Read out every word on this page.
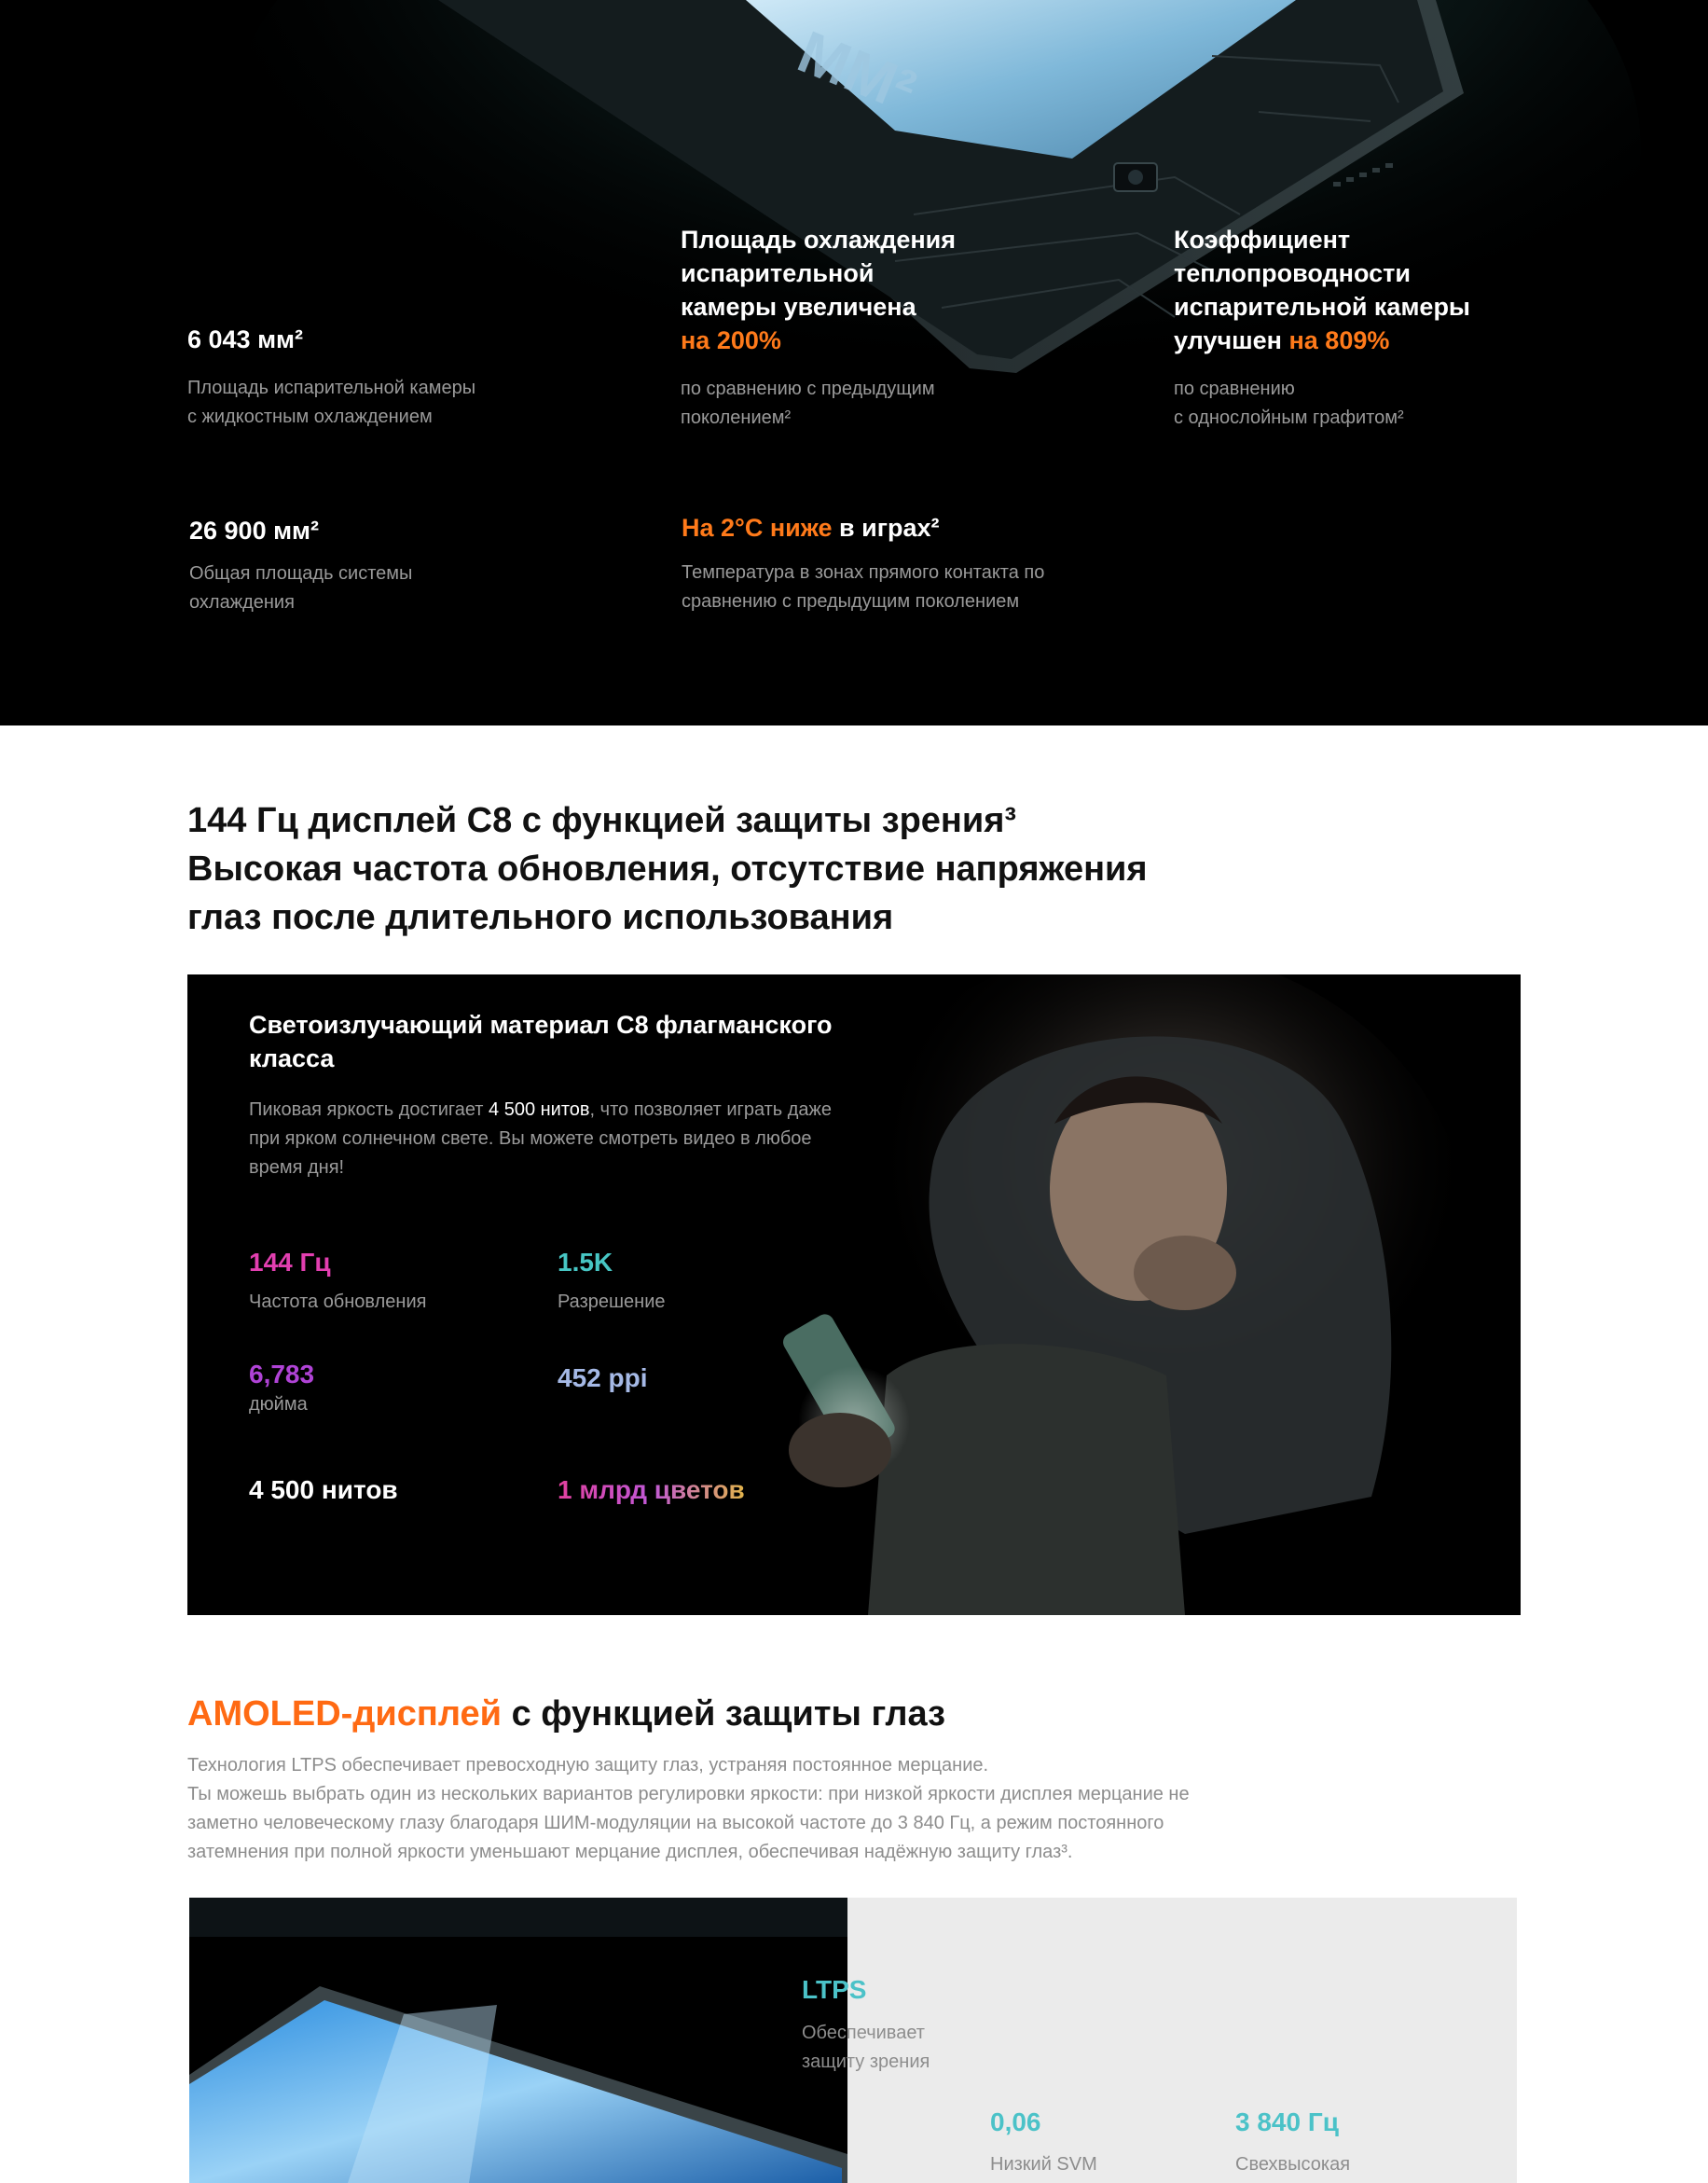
MM²
6 043 мм²
Площадь испарительной камеры
с жидкостным охлаждением
Площадь охлаждения
испарительной
камеры увеличена
на 200%
по сравнению с предыдущим
поколением²
Коэффициент
теплопроводности
испарительной камеры
улучшен на 809%
по сравнению
с однослойным графитом²
26 900 мм²
Общая площадь системы
охлаждения
На 2°C ниже в играх²
Температура в зонах прямого контакта по
сравнению с предыдущим поколением
144 Гц дисплей C8 с функцией защиты зрения³
Высокая частота обновления, отсутствие напряжения
глаз после длительного использования
Светоизлучающий материал C8 флагманского класса
Пиковая яркость достигает 4 500 нитов, что позволяет играть даже при ярком солнечном свете. Вы можете смотреть видео в любое время дня!
144 Гц
Частота обновления
1.5K
Разрешение
6,783
дюйма
452 ppi
4 500 нитов	1 млрд цветов
AMOLED-дисплей с функцией защиты глаз

Технология LTPS обеспечивает превосходную защиту глаз, устраняя постоянное мерцание.

Ты можешь выбрать один из нескольких вариантов регулировки яркости: при низкой яркости дисплея мерцание не

заметно человеческому глазу благодаря ШИМ-модуляции на высокой частоте до 3 840 Гц, а режим постоянного

затемнения при полной яркости уменьшают мерцание дисплея, обеспечивая надёжную защиту глаз³.

LTPS
Обеспечивает
защиту зрения
0,06
Низкий SVM
3 840 Гц
Свехвысокая
